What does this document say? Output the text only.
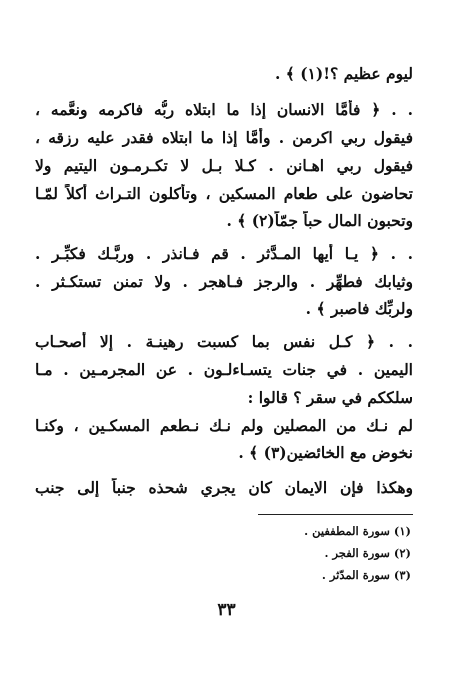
ليوم عظيم ؟!(١) ﴾ .
. . ﴿ فأمَّا الانسان إذا ما ابتلاه ربُّه فاكرمه ونعَّمه ،
فيقول ربي اكرمن . وأمَّا إذا ما ابتلاه فقدر عليه رزقه ،
فيقول ربي اهـانن . كـلا بـل لا تكـرمـون اليتيم ولا
تحاضون على طعام المسكين ، وتأكلون التـراث أكلاً لمّـا
وتحبون المال حباً جمّاً(٢) ﴾ .
. . ﴿ يـا أيها المـدَّثر . قم فـانذر . وربَّـك فكبِّـر .
وثيابك فطهِّر . والرجز فـاهجر . ولا تمنن تستكـثر .
ولربِّك فاصبر ﴾ .
. . ﴿ كـل نفس بما كسبت رهينـة . إلا أصحـاب
اليمين . في جنات يتسـاءلـون . عن المجرمـين . مـا
سلككم في سقر ؟ قالوا :
لم نـك من المصلين ولم نـك نـطعم المسكـين ، وكنـا
نخوض مع الخائضين(٣) ﴾ .
وهكذا فإن الايمان كان يجري شحذه جنباً إلى جنب
(١) سورة المطففين .
(٢) سورة الفجر .
(٣) سورة المدّثر .
٣٣
